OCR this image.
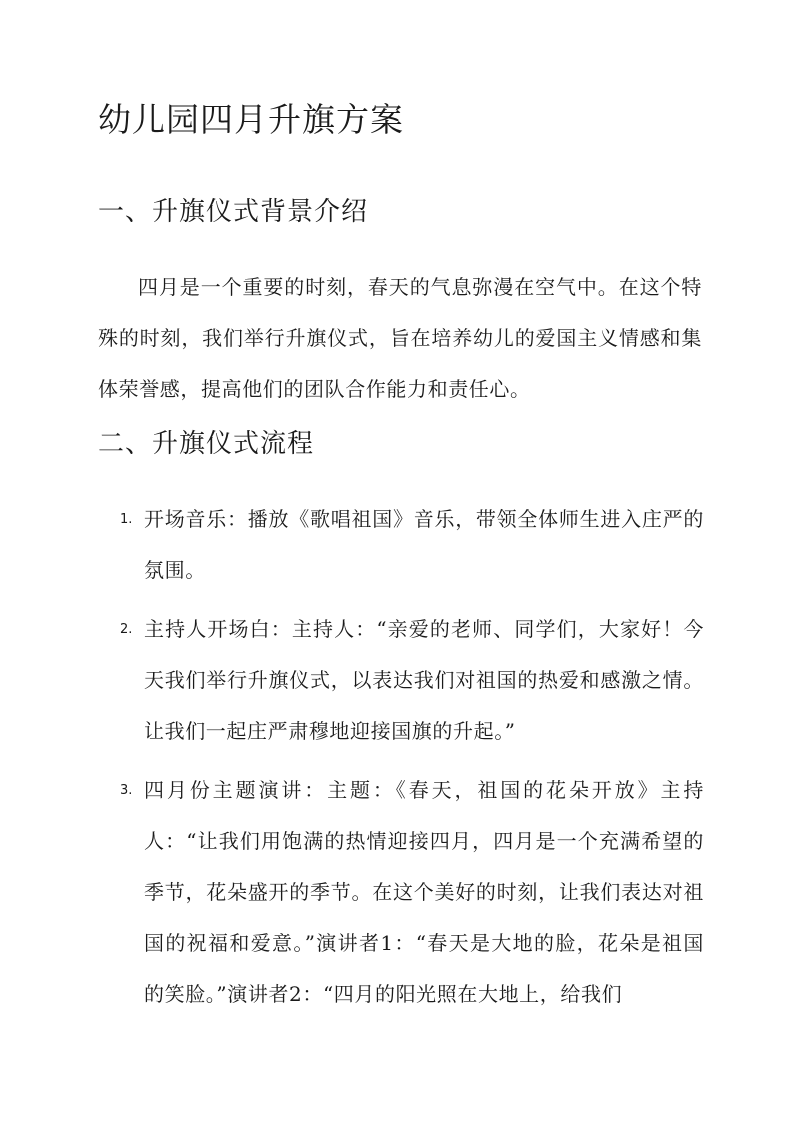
幼儿园四月升旗方案
一、升旗仪式背景介绍

四月是一个重要的时刻，春天的气息弥漫在空气中。在这个特殊的时刻，我们举行升旗仪式，旨在培养幼儿的爱国主义情感和集体荣誉感，提高他们的团队合作能力和责任心。

二、升旗仪式流程
1. 开场音乐：播放《歌唱祖国》音乐，带领全体师生进入庄严的氛围。
2. 主持人开场白：主持人：“亲爱的老师、同学们，大家好！今天我们举行升旗仪式，以表达我们对祖国的热爱和感激之情。让我们一起庄严肃穆地迎接国旗的升起。”
3. 四月份主题演讲：主题：《春天，祖国的花朵开放》主持人：“让我们用饱满的热情迎接四月，四月是一个充满希望的季节，花朵盛开的季节。在这个美好的时刻，让我们表达对祖国的祝福和爱意。”演讲者1：“春天是大地的脸，花朵是祖国的笑脸。”演讲者2：“四月的阳光照在大地上，给我们
